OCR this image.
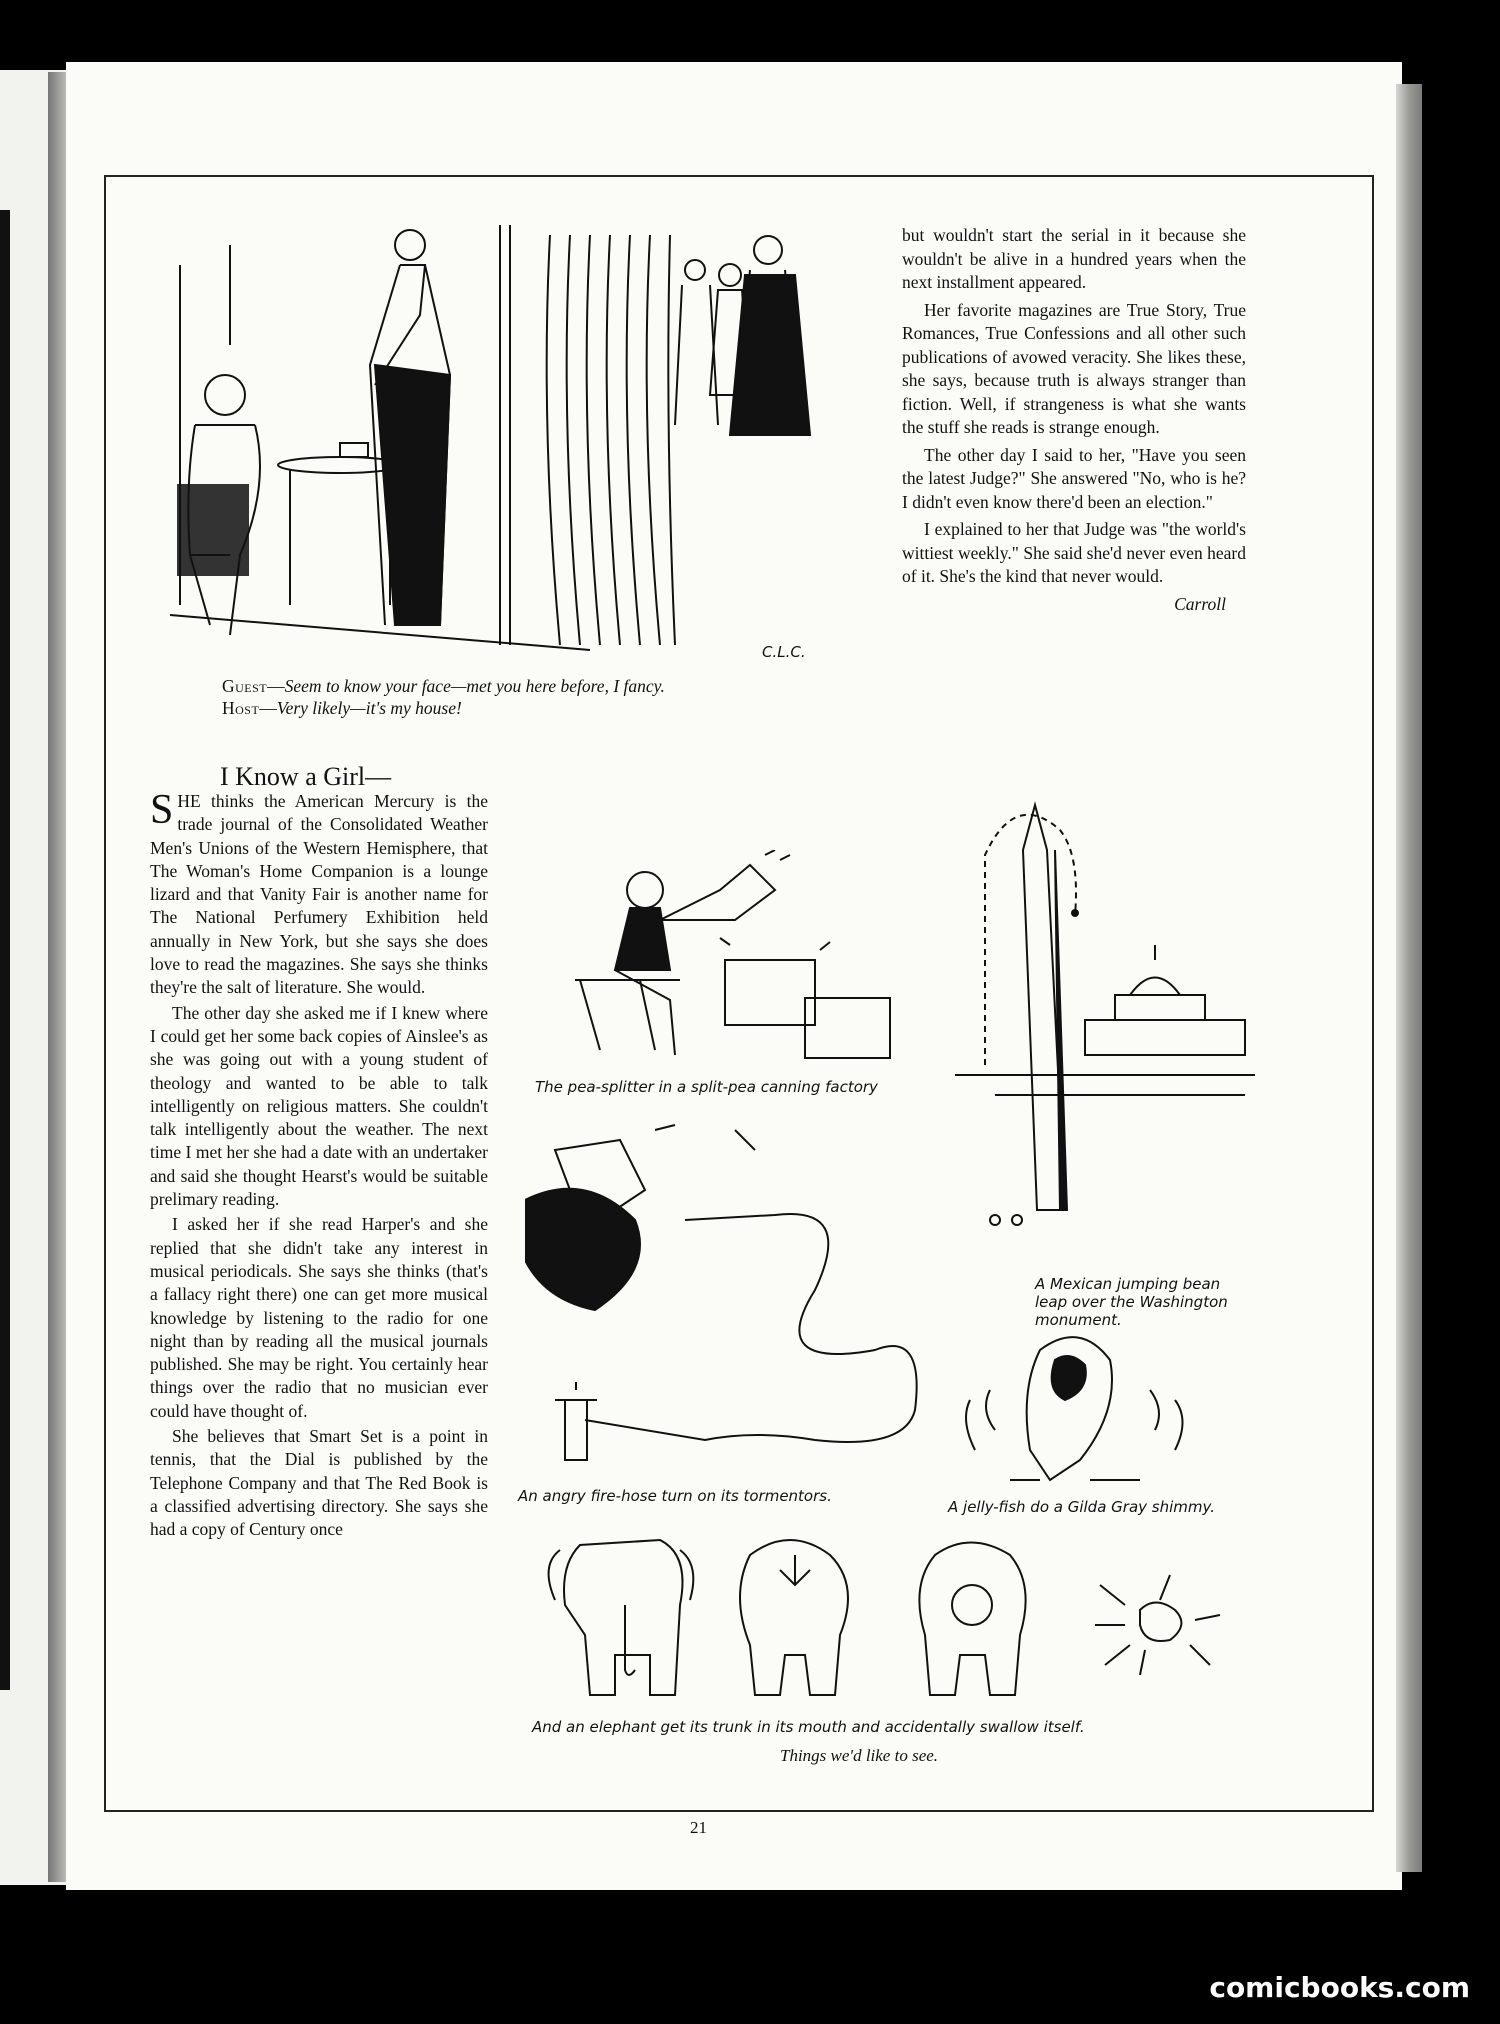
C.L.C.
Guest—Seem to know your face—met you here before, I fancy.
Host—Very likely—it's my house!

but wouldn't start the serial in it because she wouldn't be alive in a hundred years when the next installment appeared.

Her favorite magazines are True Story, True Romances, True Confessions and all other such publications of avowed veracity. She likes these, she says, because truth is always stranger than fiction. Well, if strangeness is what she wants the stuff she reads is strange enough.

The other day I said to her, "Have you seen the latest Judge?" She answered "No, who is he? I didn't even know there'd been an election."

I explained to her that Judge was "the world's wittiest weekly." She said she'd never even heard of it. She's the kind that never would.

Carroll
I Know a Girl—

SHE thinks the American Mercury is the trade journal of the Consolidated Weather Men's Unions of the Western Hemisphere, that The Woman's Home Companion is a lounge lizard and that Vanity Fair is another name for The National Perfumery Exhibition held annually in New York, but she says she does love to read the magazines. She says she thinks they're the salt of literature. She would.

The other day she asked me if I knew where I could get her some back copies of Ainslee's as she was going out with a young student of theology and wanted to be able to talk intelligently on religious matters. She couldn't talk intelligently about the weather. The next time I met her she had a date with an undertaker and said she thought Hearst's would be suitable prelimary reading.

I asked her if she read Harper's and she replied that she didn't take any interest in musical periodicals. She says she thinks (that's a fallacy right there) one can get more musical knowledge by listening to the radio for one night than by reading all the musical journals published. She may be right. You certainly hear things over the radio that no musician ever could have thought of.

She believes that Smart Set is a point in tennis, that the Dial is published by the Telephone Company and that The Red Book is a classified advertising directory. She says she had a copy of Century once

The pea-splitter in a split-pea canning factory
A Mexican jumping bean leap over the Washington monument.
An angry fire-hose turn on its tormentors.
A jelly-fish do a Gilda Gray shimmy.
And an elephant get its trunk in its mouth and accidentally swallow itself.
Things we'd like to see.
21
comicbooks.com
